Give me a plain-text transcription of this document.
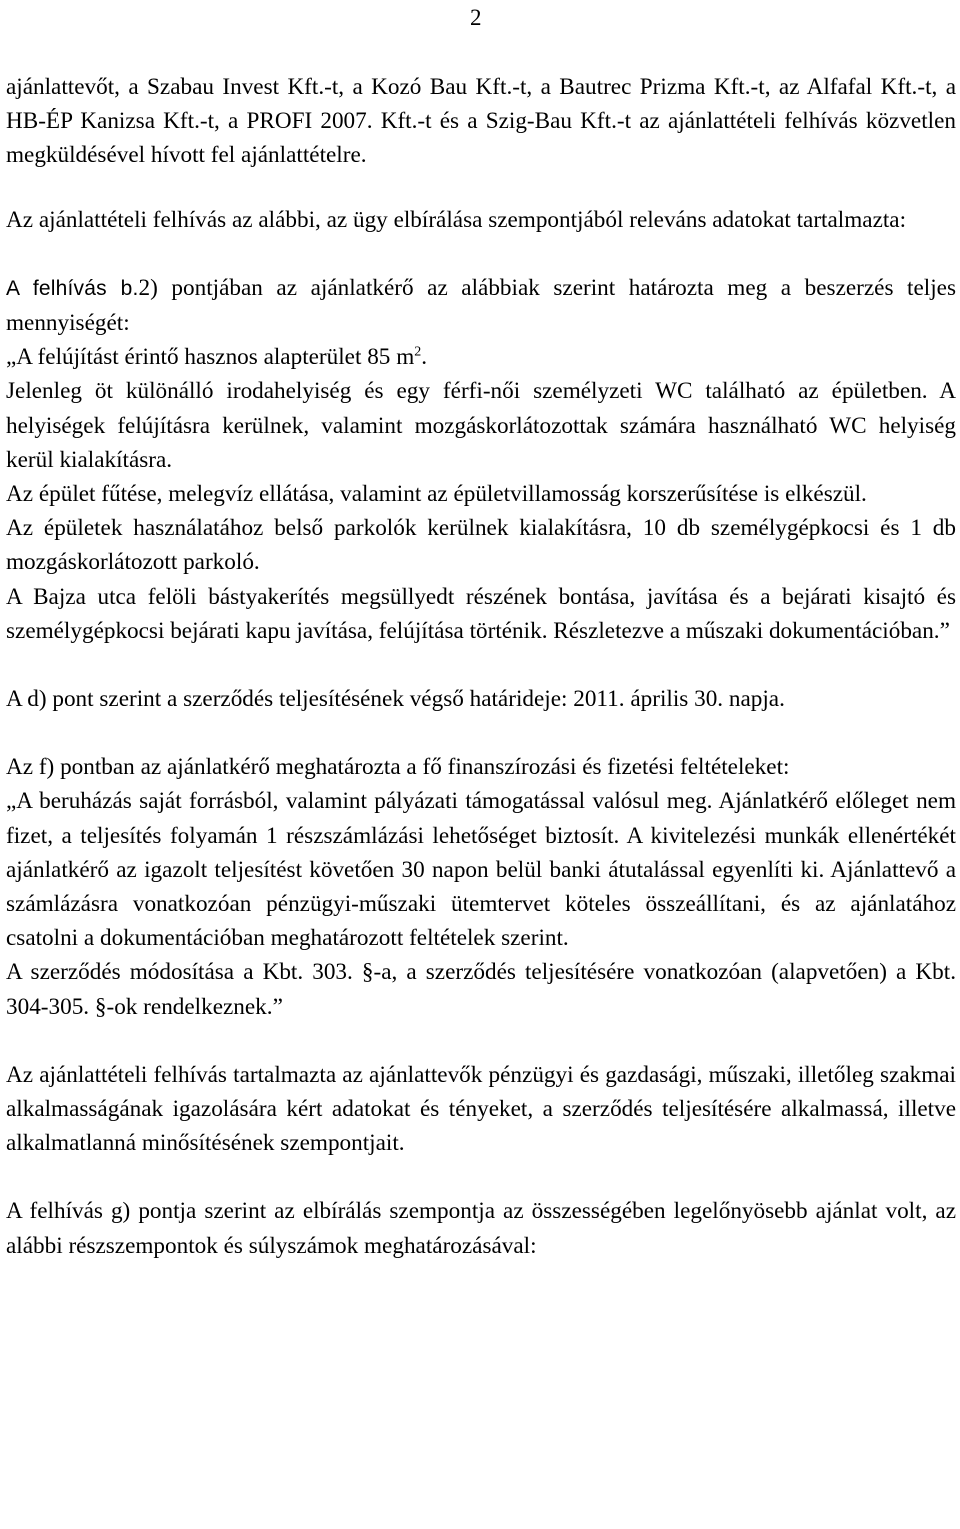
2

ajánlattevőt, a Szabau Invest Kft.-t, a Kozó Bau Kft.-t, a Bautrec Prizma Kft.-t, az Alfafal Kft.-t, a HB-ÉP Kanizsa Kft.-t, a PROFI 2007. Kft.-t és a Szig-Bau Kft.-t az ajánlattételi felhívás közvetlen megküldésével hívott fel ajánlattételre.

Az ajánlattételi felhívás az alábbi, az ügy elbírálása szempontjából releváns adatokat tartalmazta:

A felhívás b.2) pontjában az ajánlatkérő az alábbiak szerint határozta meg a beszerzés teljes mennyiségét:

„A felújítást érintő hasznos alapterület 85 $m^2$.

Jelenleg öt különálló irodahelyiség és egy férfi-női személyzeti WC található az épületben. A helyiségek felújításra kerülnek, valamint mozgáskorlátozottak számára használható WC helyiség kerül kialakításra.

Az épület fűtése, melegvíz ellátása, valamint az épületvillamosság korszerűsítése is elkészül.

Az épületek használatához belső parkolók kerülnek kialakításra, 10 db személygépkocsi és 1 db mozgáskorlátozott parkoló.

A Bajza utca felöli bástyakerítés megsüllyedt részének bontása, javítása és a bejárati kisajtó és személygépkocsi bejárati kapu javítása, felújítása történik. Részletezve a műszaki dokumentációban.”

A d) pont szerint a szerződés teljesítésének végső határideje: 2011. április 30. napja.

Az f) pontban az ajánlatkérő meghatározta a fő finanszírozási és fizetési feltételeket:

„A beruházás saját forrásból, valamint pályázati támogatással valósul meg. Ajánlatkérő előleget nem fizet, a teljesítés folyamán 1 részszámlázási lehetőséget biztosít. A kivitelezési munkák ellenértékét ajánlatkérő az igazolt teljesítést követően 30 napon belül banki átutalással egyenlíti ki. Ajánlattevő a számlázásra vonatkozóan pénzügyi-műszaki ütemtervet köteles összeállítani, és az ajánlatához csatolni a dokumentációban meghatározott feltételek szerint.

A szerződés módosítása a Kbt. 303. §-a, a szerződés teljesítésére vonatkozóan (alapvetően) a Kbt. 304-305. §-ok rendelkeznek.”

Az ajánlattételi felhívás tartalmazta az ajánlattevők pénzügyi és gazdasági, műszaki, illetőleg szakmai alkalmasságának igazolására kért adatokat és tényeket, a szerződés teljesítésére alkalmassá, illetve alkalmatlanná minősítésének szempontjait.

A felhívás g) pontja szerint az elbírálás szempontja az összességében legelőnyösebb ajánlat volt, az alábbi részszempontok és súlyszámok meghatározásával:
